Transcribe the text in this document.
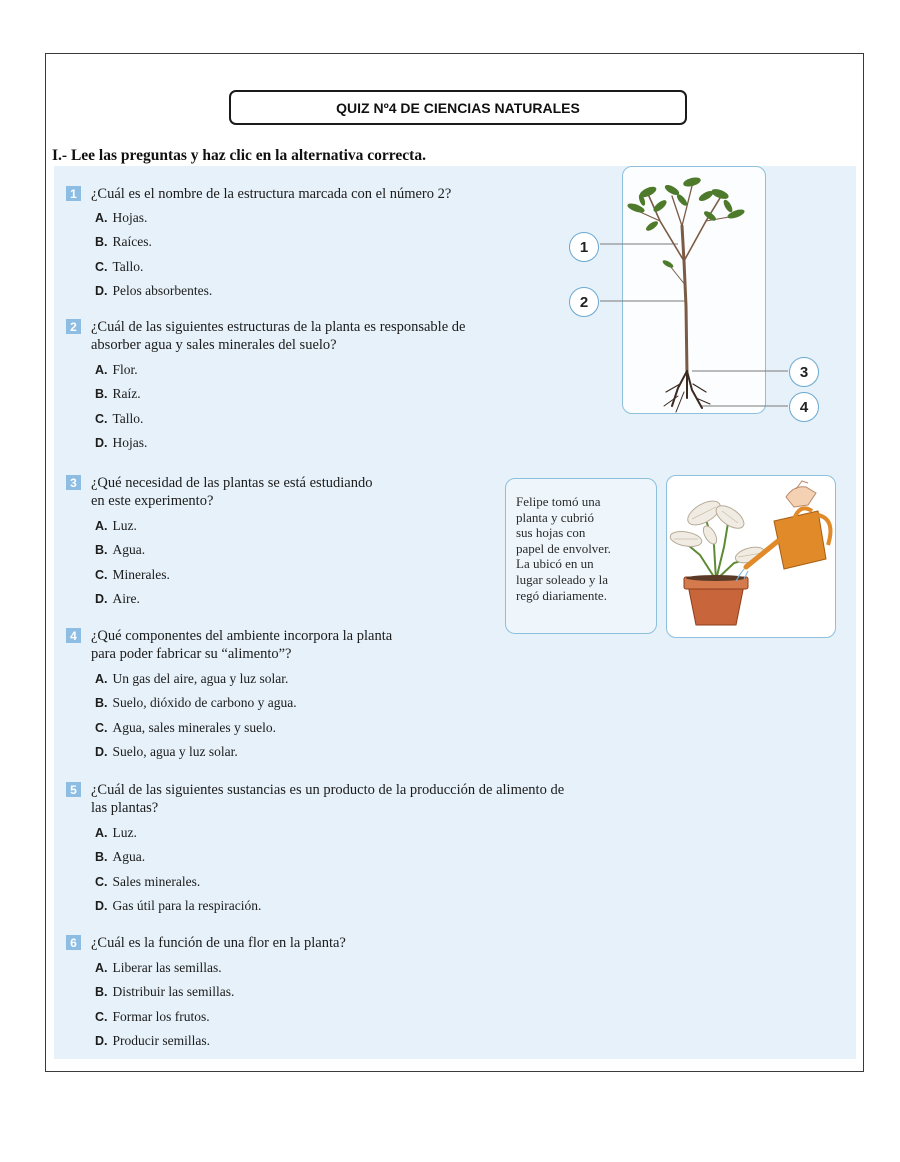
QUIZ Nº4 DE CIENCIAS NATURALES
I.- Lee las preguntas y haz clic en la alternativa correcta.
1 ¿Cuál es el nombre de la estructura marcada con el número 2?
A. Hojas.
B. Raíces.
C. Tallo.
D. Pelos absorbentes.
2 ¿Cuál de las siguientes estructuras de la planta es responsable de
absorber agua y sales minerales del suelo?
A. Flor.
B. Raíz.
C. Tallo.
D. Hojas.
3 ¿Qué necesidad de las plantas se está estudiando
en este experimento?
A. Luz.
B. Agua.
C. Minerales.
D. Aire.
4 ¿Qué componentes del ambiente incorpora la planta
para poder fabricar su “alimento”?
A. Un gas del aire, agua y luz solar.
B. Suelo, dióxido de carbono y agua.
C. Agua, sales minerales y suelo.
D. Suelo, agua y luz solar.
5 ¿Cuál de las siguientes sustancias es un producto de la producción de alimento de
las plantas?
A. Luz.
B. Agua.
C. Sales minerales.
D. Gas útil para la respiración.
6 ¿Cuál es la función de una flor en la planta?
A. Liberar las semillas.
B. Distribuir las semillas.
C. Formar los frutos.
D. Producir semillas.
1
2
3
4
Felipe tomó una
planta y cubrió
sus hojas con
papel de envolver.
La ubicó en un
lugar soleado y la
regó diariamente.
